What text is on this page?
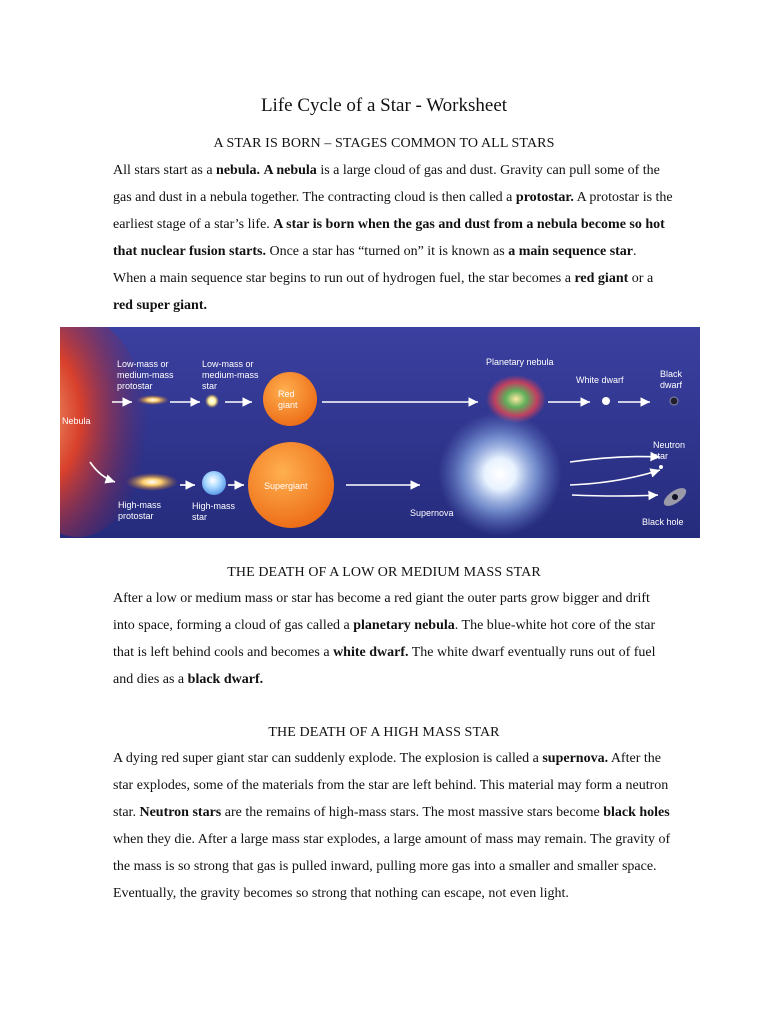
Life Cycle of a Star - Worksheet
A STAR IS BORN – STAGES COMMON TO ALL STARS

All stars start as a nebula. A nebula is a large cloud of gas and dust. Gravity can pull some of the gas and dust in a nebula together. The contracting cloud is then called a protostar. A protostar is the earliest stage of a star’s life. A star is born when the gas and dust from a nebula become so hot that nuclear fusion starts. Once a star has “turned on” it is known as a main sequence star. When a main sequence star begins to run out of hydrogen fuel, the star becomes a red giant or a red super giant.

Nebula
Low-mass or
medium-mass
protostar
Low-mass or
medium-mass
star
Red
giant
Planetary nebula
White dwarf
Black
dwarf
High-mass
protostar
High-mass
star
Supergiant
Supernova
Neutron
star
Black hole
THE DEATH OF A LOW OR MEDIUM MASS STAR

After a low or medium mass or star has become a red giant the outer parts grow bigger and drift into space, forming a cloud of gas called a planetary nebula. The blue-white hot core of the star that is left behind cools and becomes a white dwarf. The white dwarf eventually runs out of fuel and dies as a black dwarf.

THE DEATH OF A HIGH MASS STAR

A dying red super giant star can suddenly explode. The explosion is called a supernova. After the star explodes, some of the materials from the star are left behind. This material may form a neutron star. Neutron stars are the remains of high-mass stars. The most massive stars become black holes when they die. After a large mass star explodes, a large amount of mass may remain. The gravity of the mass is so strong that gas is pulled inward, pulling more gas into a smaller and smaller space. Eventually, the gravity becomes so strong that nothing can escape, not even light.
